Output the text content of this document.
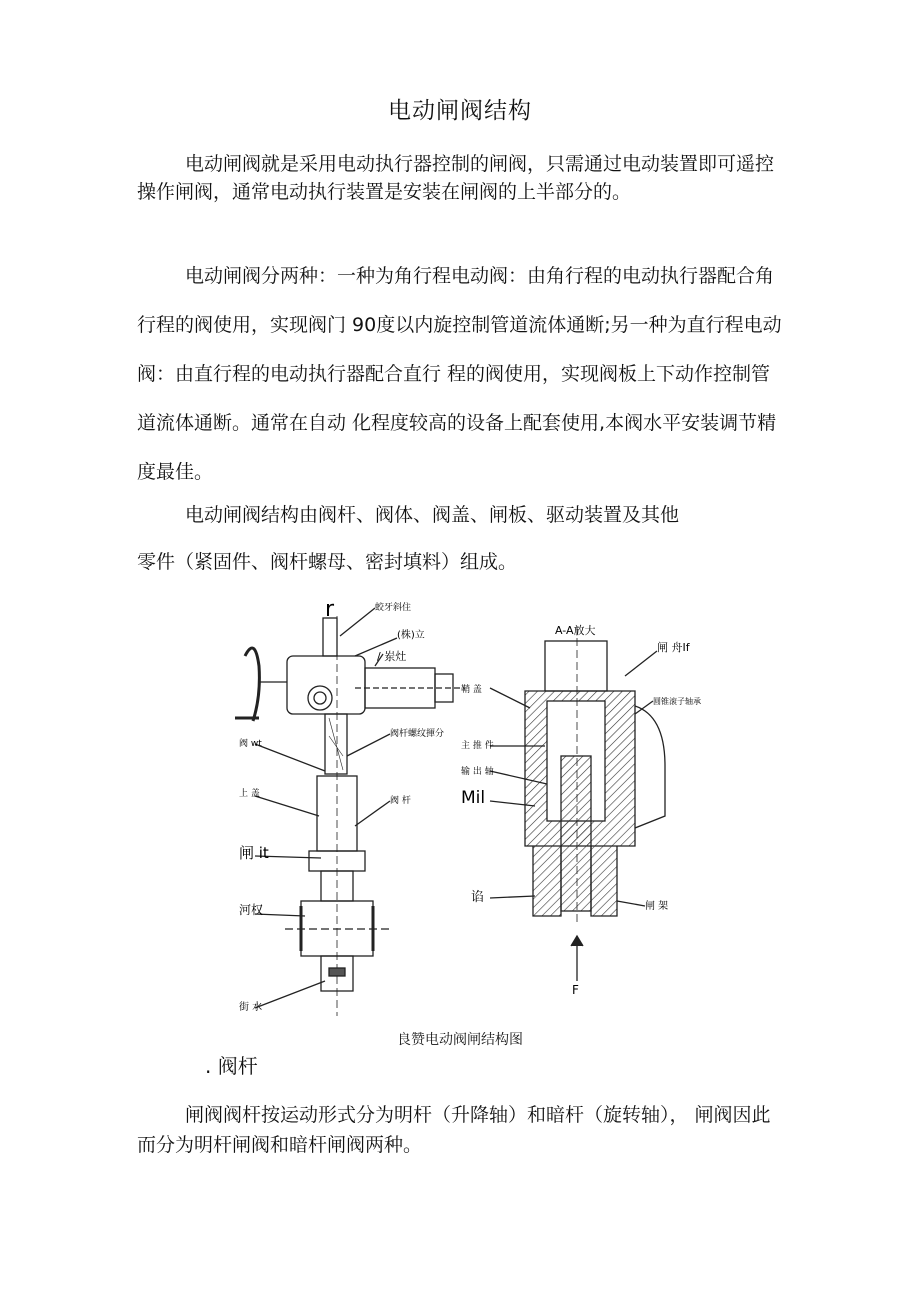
电动闸阀结构

电动闸阀就是采用电动执行器控制的闸阀，只需通过电动装置即可遥控操作闸阀，通常电动执行装置是安装在闸阀的上半部分的。

电动闸阀分两种：一种为角行程电动阀：由角行程的电动执行器配合角行程的阀使用，实现阀门 90度以内旋控制管道流体通断;另一种为直行程电动阀：由直行程的电动执行器配合直行 程的阀使用，实现阀板上下动作控制管道流体通断。通常在自动 化程度较高的设备上配套使用,本阀水平安装调节精度最佳。

电动闸阀结构由阀杆、阀体、阀盖、闸板、驱动装置及其他
零件（紧固件、阀杆螺母、密封填料）组成。

r	蛟牙斜住
(株)立
/ 岽灶
阀 wt
阀杆螺纹揮分
上 盖
阀 杆
闸 it
河权
街 水
A-A放大
闸 舟If
鞘 盖
圆锥滚子轴承
主 推 件
输 出 轴
Mil
谄
闸 架
F
良赞电动阀闸结构图
. 阀杆

闸阀阀杆按运动形式分为明杆（升降轴）和暗杆（旋转轴）， 闸阀因此而分为明杆闸阀和暗杆闸阀两种。
